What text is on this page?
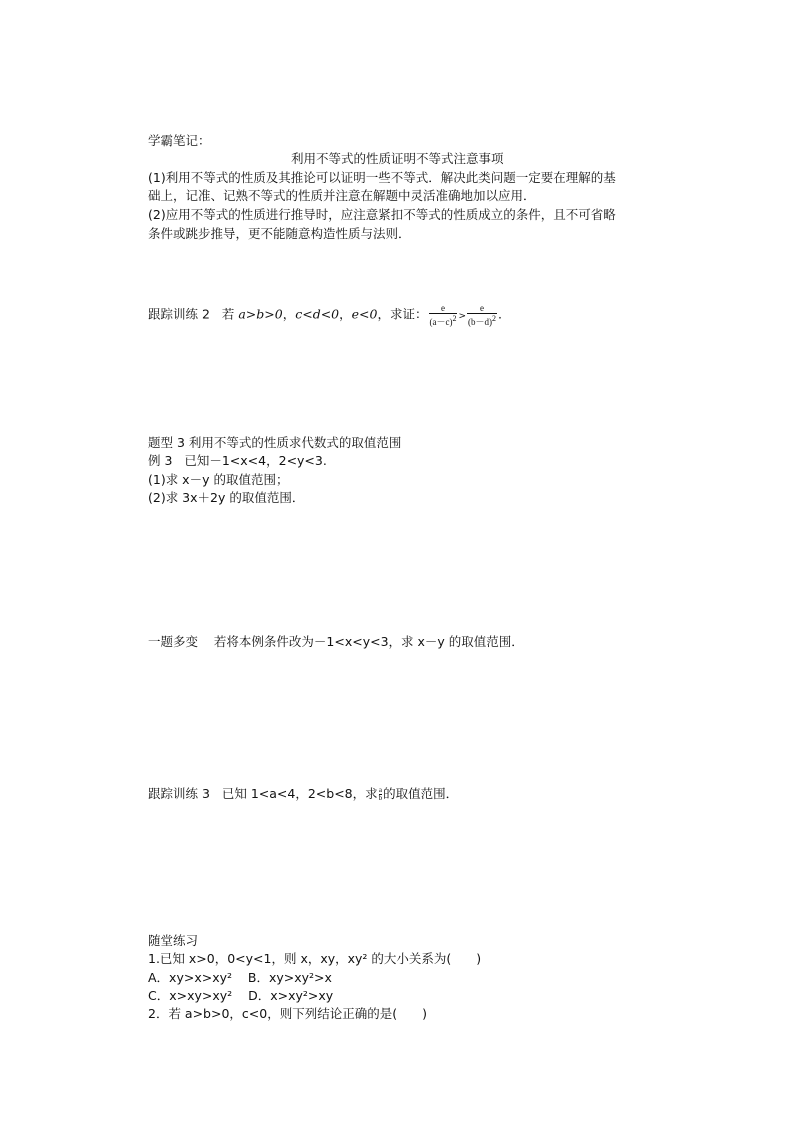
学霸笔记：
利用不等式的性质证明不等式注意事项
(1)利用不等式的性质及其推论可以证明一些不等式．解决此类问题一定要在理解的基
础上，记准、记熟不等式的性质并注意在解题中灵活准确地加以应用．
(2)应用不等式的性质进行推导时，应注意紧扣不等式的性质成立的条件，且不可省略
条件或跳步推导，更不能随意构造性质与法则．
跟踪训练 2 若 a>b>0，c<d<0，e<0，求证： $\frac{e}{(a-c)^2} > \frac{e}{(b-d)^2}$ .
题型 3 利用不等式的性质求代数式的取值范围
例 3 已知－1<x<4，2<y<3.
(1)求 x－y 的取值范围；
(2)求 3x＋2y 的取值范围．
一题多变 若将本例条件改为－1<x<y<3，求 x－y 的取值范围．
跟踪训练 3 已知 1<a<4，2<b<8，求 $\frac{a}{b}$ 的取值范围．
随堂练习
1.已知 x>0，0<y<1，则 x，xy，xy² 的大小关系为(　　)
A．xy>x>xy² B．xy>xy²>x
C．x>xy>xy² D．x>xy²>xy
2．若 a>b>0，c<0，则下列结论正确的是(　　)
